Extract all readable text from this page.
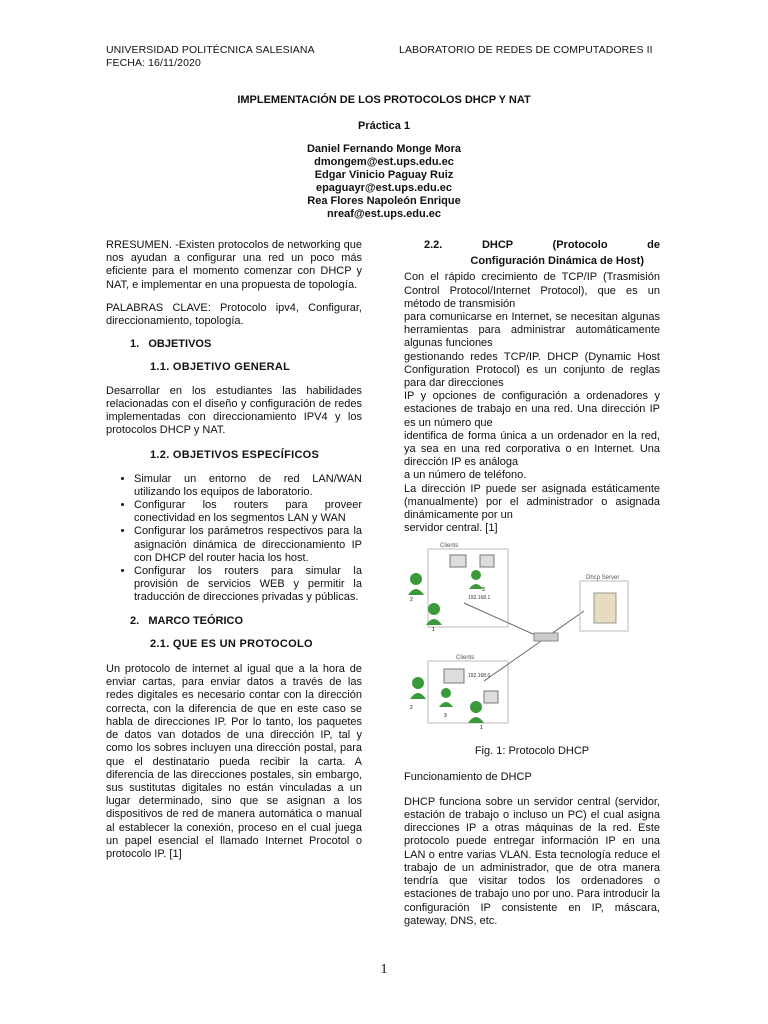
UNIVERSIDAD POLITÉCNICA SALESIANA
FECHA: 16/11/2020
LABORATORIO DE REDES DE COMPUTADORES II
IMPLEMENTACIÓN DE LOS PROTOCOLOS DHCP Y NAT
Práctica 1
Daniel Fernando Monge Mora
dmongem@est.ups.edu.ec
Edgar Vinicio Paguay Ruiz
epaguayr@est.ups.edu.ec
Rea Flores Napoleón Enrique
nreaf@est.ups.edu.ec

RRESUMEN. -Existen protocolos de networking que nos ayudan a configurar una red un poco más eficiente para el momento comenzar con DHCP y NAT, e implementar en una propuesta de topología.

PALABRAS CLAVE: Protocolo ipv4, Configurar, direccionamiento, topología.

1.   OBJETIVOS

1.1. OBJETIVO GENERAL

Desarrollar en los estudiantes las habilidades relacionadas con el diseño y configuración de redes implementadas con direccionamiento IPV4 y los protocolos DHCP y NAT.

1.2. OBJETIVOS ESPECÍFICOS

• Simular un entorno de red LAN/WAN utilizando los equipos de laboratorio.
• Configurar los routers para proveer conectividad en los segmentos LAN y WAN
• Configurar los parámetros respectivos para la asignación dinámica de direccionamiento IP con DHCP del router hacia los host.
• Configurar los routers para simular la provisión de servicios WEB y permitir la traducción de direcciones privadas y públicas.

2.   MARCO TEÓRICO

2.1. QUE ES UN PROTOCOLO

Un protocolo de internet al igual que a la hora de enviar cartas, para enviar datos a través de las redes digitales es necesario contar con la dirección correcta, con la diferencia de que en este caso se habla de direcciones IP. Por lo tanto, los paquetes de datos van dotados de una dirección IP, tal y como los sobres incluyen una dirección postal, para que el destinatario pueda recibir la carta. A diferencia de las direcciones postales, sin embargo, sus sustitutas digitales no están vinculadas a un lugar determinado, sino que se asignan a los dispositivos de red de manera automática o manual al establecer la conexión, proceso en el cual juega un papel esencial el llamado Internet Procotol o protocolo IP. [1]

2.2. DHCP (Protocolo de

Configuración Dinámica de Host)

Con el rápido crecimiento de TCP/IP (Trasmisión Control Protocol/Internet Protocol), que es un método de transmisión

para comunicarse en Internet, se necesitan algunas herramientas para administrar automáticamente algunas funciones

gestionando redes TCP/IP. DHCP (Dynamic Host Configuration Protocol) es un conjunto de reglas para dar direcciones

IP y opciones de configuración a ordenadores y estaciones de trabajo en una red. Una dirección IP es un número que

identifica de forma única a un ordenador en la red, ya sea en una red corporativa o en Internet. Una dirección IP es análoga

a un número de teléfono.

La dirección IP puede ser asignada estáticamente (manualmente) por el administrador o asignada dinámicamente por un

servidor central. [1]

Clients
Clients
Dhcp Server
192.168.1
192.168.0
2
1
3
2
3
1

Fig. 1: Protocolo DHCP

Funcionamiento de DHCP

DHCP funciona sobre un servidor central (servidor, estación de trabajo o incluso un PC) el cual asigna direcciones IP a otras máquinas de la red. Este protocolo puede entregar información IP en una LAN o entre varias VLAN. Esta tecnología reduce el trabajo de un administrador, que de otra manera tendría que visitar todos los ordenadores o estaciones de trabajo uno por uno. Para introducir la configuración IP consistente en IP, máscara, gateway, DNS, etc.

1
